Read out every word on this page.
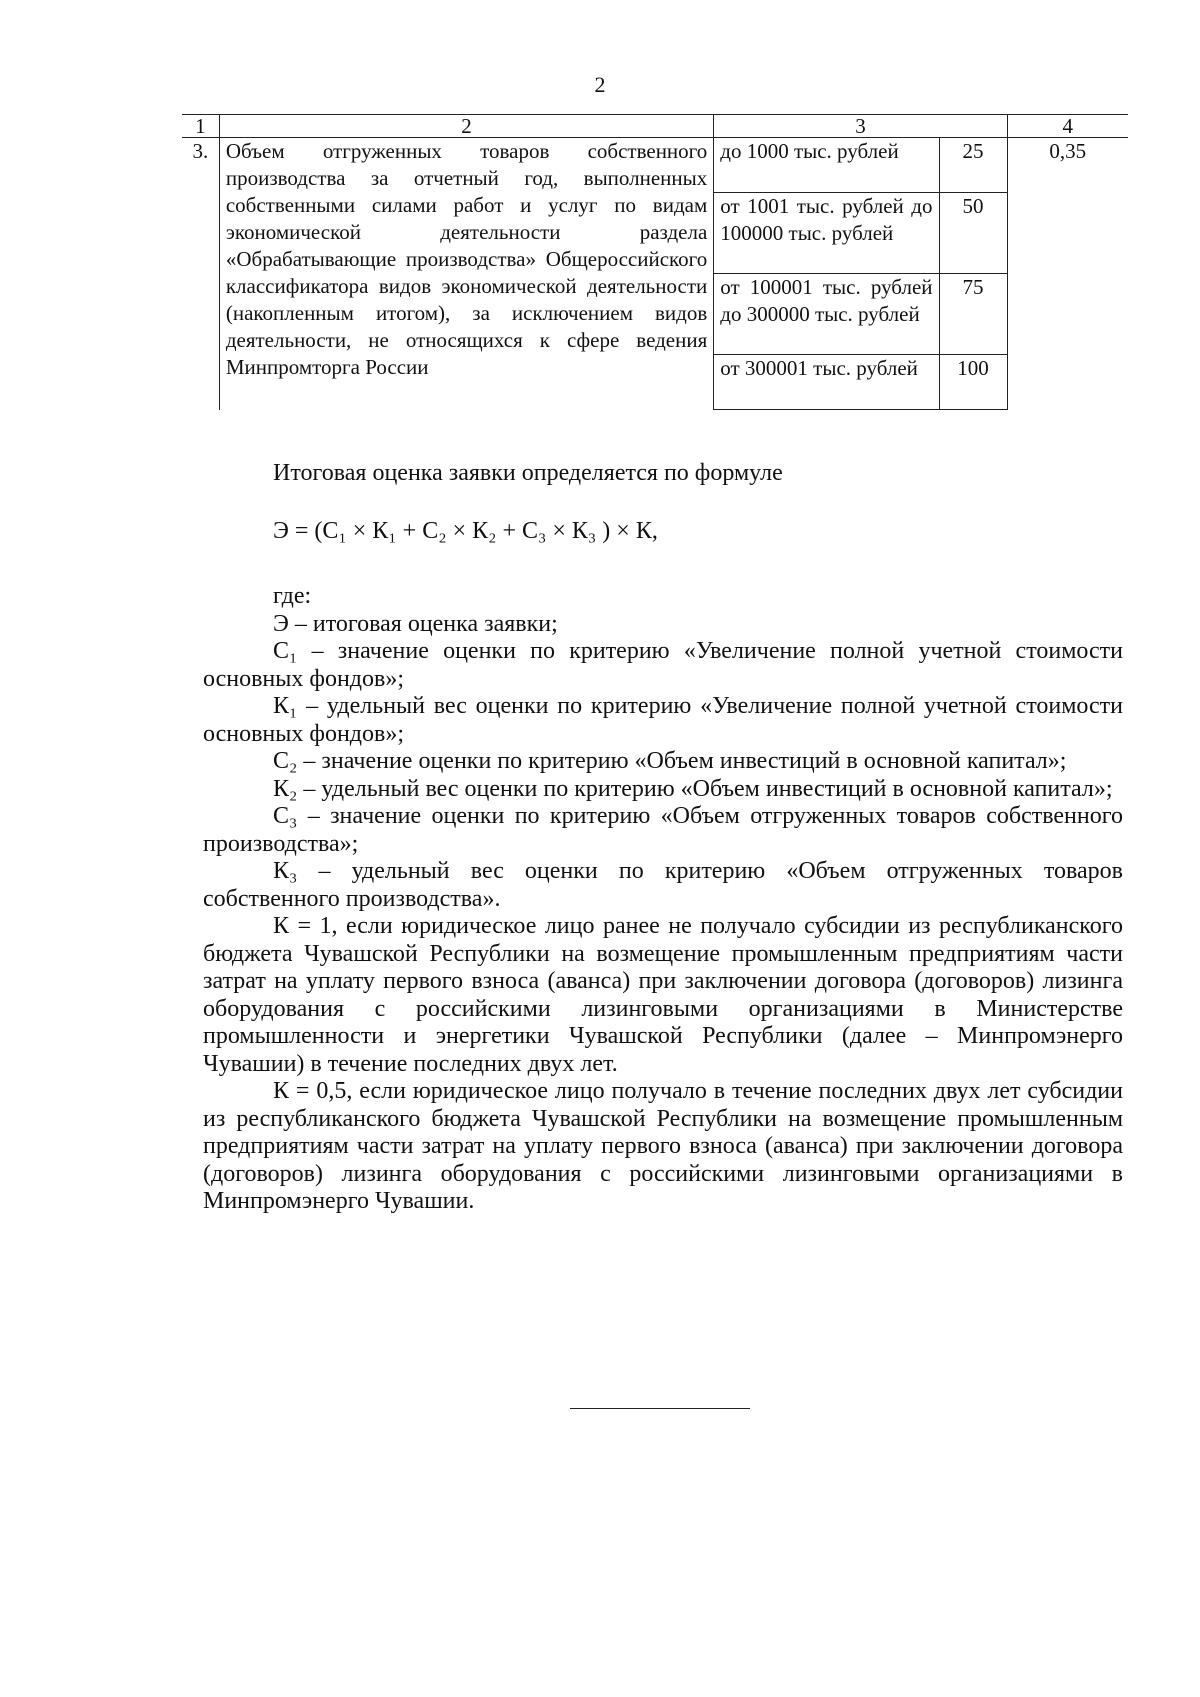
2
1	2	3		4
3.	Объем отгруженных товаров собственного производства за отчетный год, выполненных собственными силами работ и услуг по видам экономической деятельности раздела «Обрабатывающие производства» Общероссийского классификатора видов экономической деятельности (накопленным итогом), за исключением видов деятельности, не относящихся к сфере ведения Минпромторга России	до 1000 тыс. рублей	25	0,35
		от 1001 тыс. рублей до 100000 тыс. рублей	50	
		от 100001 тыс. рублей до 300000 тыс. рублей	75	
		от 300001 тыс. рублей	100	

Итоговая оценка заявки определяется по формуле

Э = (С₁ × К₁ + С₂ × К₂ + С₃ × К₃ ) × К,

где:

Э – итоговая оценка заявки;

С₁ – значение оценки по критерию «Увеличение полной учетной стоимости основных фондов»;

К₁ – удельный вес оценки по критерию «Увеличение полной учетной стоимости основных фондов»;

С₂ – значение оценки по критерию «Объем инвестиций в основной капитал»;

К₂ – удельный вес оценки по критерию «Объем инвестиций в основной капитал»;

С₃ – значение оценки по критерию «Объем отгруженных товаров собственного производства»;

К₃ – удельный вес оценки по критерию «Объем отгруженных товаров собственного производства».

К = 1, если юридическое лицо ранее не получало субсидии из республиканского бюджета Чувашской Республики на возмещение промышленным предприятиям части затрат на уплату первого взноса (аванса) при заключении договора (договоров) лизинга оборудования с российскими лизинговыми организациями в Министерстве промышленности и энергетики Чувашской Республики (далее – Минпромэнерго Чувашии) в течение последних двух лет.

К = 0,5, если юридическое лицо получало в течение последних двух лет субсидии из республиканского бюджета Чувашской Республики на возмещение промышленным предприятиям части затрат на уплату первого взноса (аванса) при заключении договора (договоров) лизинга оборудования с российскими лизинговыми организациями в Минпромэнерго Чувашии.
